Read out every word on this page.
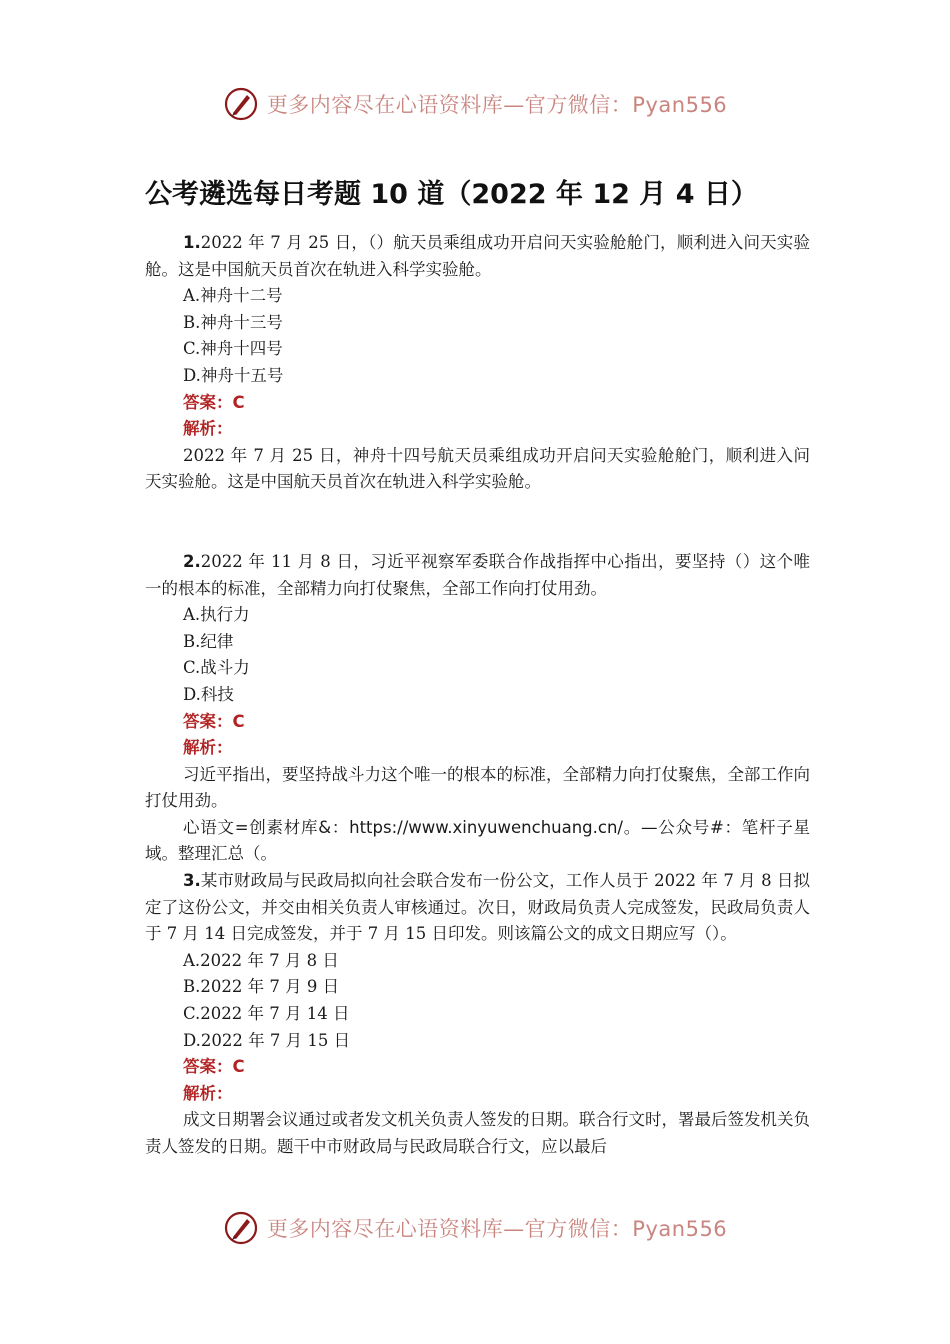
更多内容尽在心语资料库—官方微信：Pyan556
公考遴选每日考题 10 道（2022 年 12 月 4 日）

1.2022 年 7 月 25 日，（）航天员乘组成功开启问天实验舱舱门，顺利进入问天实验舱。这是中国航天员首次在轨进入科学实验舱。

A.神舟十二号

B.神舟十三号

C.神舟十四号

D.神舟十五号

答案：C

解析：

2022 年 7 月 25 日，神舟十四号航天员乘组成功开启问天实验舱舱门，顺利进入问天实验舱。这是中国航天员首次在轨进入科学实验舱。

2.2022 年 11 月 8 日，习近平视察军委联合作战指挥中心指出，要坚持（）这个唯一的根本的标准，全部精力向打仗聚焦，全部工作向打仗用劲。

A.执行力

B.纪律

C.战斗力

D.科技

答案：C

解析：

习近平指出，要坚持战斗力这个唯一的根本的标准，全部精力向打仗聚焦，全部工作向打仗用劲。

心语文=创素材库&：https://www.xinyuwenchuang.cn/。—公众号#：笔杆子星域。整理汇总（。

3.某市财政局与民政局拟向社会联合发布一份公文，工作人员于 2022 年 7 月 8 日拟定了这份公文，并交由相关负责人审核通过。次日，财政局负责人完成签发，民政局负责人于 7 月 14 日完成签发，并于 7 月 15 日印发。则该篇公文的成文日期应写（）。

A.2022 年 7 月 8 日

B.2022 年 7 月 9 日

C.2022 年 7 月 14 日

D.2022 年 7 月 15 日

答案：C

解析：

成文日期署会议通过或者发文机关负责人签发的日期。联合行文时，署最后签发机关负责人签发的日期。题干中市财政局与民政局联合行文，应以最后

更多内容尽在心语资料库—官方微信：Pyan556
